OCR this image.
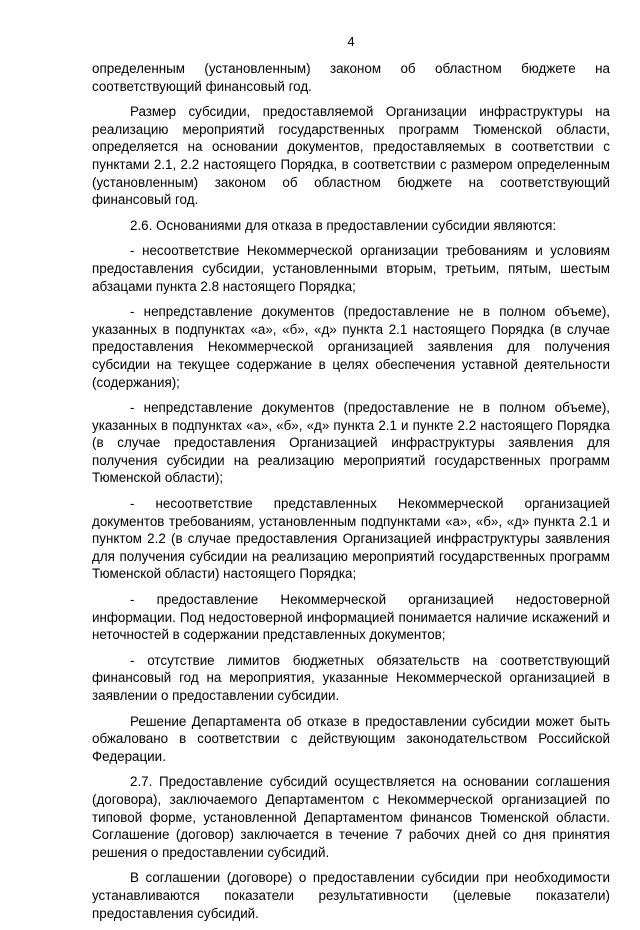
4

определенным (установленным) законом об областном бюджете на соответствующий финансовый год.

Размер субсидии, предоставляемой Организации инфраструктуры на реализацию мероприятий государственных программ Тюменской области, определяется на основании документов, предоставляемых в соответствии с пунктами 2.1, 2.2 настоящего Порядка, в соответствии с размером определенным (установленным) законом об областном бюджете на соответствующий финансовый год.

2.6. Основаниями для отказа в предоставлении субсидии являются:

- несоответствие Некоммерческой организации требованиям и условиям предоставления субсидии, установленными вторым, третьим, пятым, шестым абзацами пункта 2.8 настоящего Порядка;

- непредставление документов (предоставление не в полном объеме), указанных в подпунктах «а», «б», «д» пункта 2.1 настоящего Порядка (в случае предоставления Некоммерческой организацией заявления для получения субсидии на текущее содержание в целях обеспечения уставной деятельности (содержания);

- непредставление документов (предоставление не в полном объеме), указанных в подпунктах «а», «б», «д» пункта 2.1 и пункте 2.2 настоящего Порядка (в случае предоставления Организацией инфраструктуры заявления для получения субсидии на реализацию мероприятий государственных программ Тюменской области);

- несоответствие представленных Некоммерческой организацией документов требованиям, установленным подпунктами «а», «б», «д» пункта 2.1 и пунктом 2.2 (в случае предоставления Организацией инфраструктуры заявления для получения субсидии на реализацию мероприятий государственных программ Тюменской области) настоящего Порядка;

- предоставление Некоммерческой организацией недостоверной информации. Под недостоверной информацией понимается наличие искажений и неточностей в содержании представленных документов;

- отсутствие лимитов бюджетных обязательств на соответствующий финансовый год на мероприятия, указанные Некоммерческой организацией в заявлении о предоставлении субсидии.

Решение Департамента об отказе в предоставлении субсидии может быть обжаловано в соответствии с действующим законодательством Российской Федерации.

2.7. Предоставление субсидий осуществляется на основании соглашения (договора), заключаемого Департаментом с Некоммерческой организацией по типовой форме, установленной Департаментом финансов Тюменской области. Соглашение (договор) заключается в течение 7 рабочих дней со дня принятия решения о предоставлении субсидий.

В соглашении (договоре) о предоставлении субсидии при необходимости устанавливаются показатели результативности (целевые показатели) предоставления субсидий.
